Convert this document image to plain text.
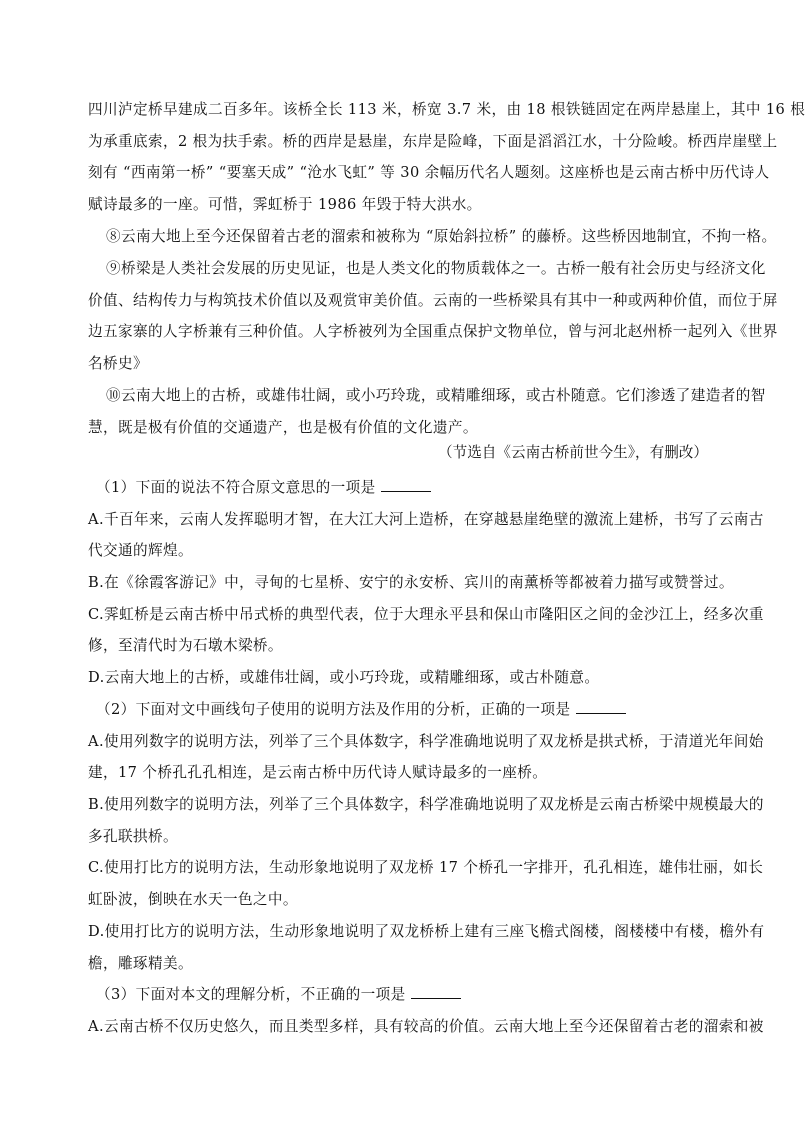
四川泸定桥早建成二百多年。该桥全长 113 米，桥宽 3.7 米，由 18 根铁链固定在两岸悬崖上，其中 16 根
为承重底索，2 根为扶手索。桥的西岸是悬崖，东岸是险峰，下面是滔滔江水，十分险峻。桥西岸崖壁上
刻有 “西南第一桥” “要塞天成” “沧水飞虹” 等 30 余幅历代名人题刻。这座桥也是云南古桥中历代诗人
赋诗最多的一座。可惜，霁虹桥于 1986 年毁于特大洪水。
⑧云南大地上至今还保留着古老的溜索和被称为 “原始斜拉桥” 的藤桥。这些桥因地制宜，不拘一格。
⑨桥梁是人类社会发展的历史见证，也是人类文化的物质载体之一。古桥一般有社会历史与经济文化
价值、结构传力与构筑技术价值以及观赏审美价值。云南的一些桥梁具有其中一种或两种价值，而位于屏
边五家寨的人字桥兼有三种价值。人字桥被列为全国重点保护文物单位，曾与河北赵州桥一起列入《世界
名桥史》
⑩云南大地上的古桥，或雄伟壮阔，或小巧玲珑，或精雕细琢，或古朴随意。它们渗透了建造者的智
慧，既是极有价值的交通遗产，也是极有价值的文化遗产。
（节选自《云南古桥前世今生》，有删改）
（1）下面的说法不符合原文意思的一项是
A.千百年来，云南人发挥聪明才智，在大江大河上造桥，在穿越悬崖绝壁的激流上建桥，书写了云南古
代交通的辉煌。
B.在《徐霞客游记》中，寻甸的七星桥、安宁的永安桥、宾川的南薰桥等都被着力描写或赞誉过。
C.霁虹桥是云南古桥中吊式桥的典型代表，位于大理永平县和保山市隆阳区之间的金沙江上，经多次重
修，至清代时为石墩木梁桥。
D.云南大地上的古桥，或雄伟壮阔，或小巧玲珑，或精雕细琢，或古朴随意。
（2）下面对文中画线句子使用的说明方法及作用的分析，正确的一项是
A.使用列数字的说明方法，列举了三个具体数字，科学准确地说明了双龙桥是拱式桥，于清道光年间始
建，17 个桥孔孔孔相连，是云南古桥中历代诗人赋诗最多的一座桥。
B.使用列数字的说明方法，列举了三个具体数字，科学准确地说明了双龙桥是云南古桥梁中规模最大的
多孔联拱桥。
C.使用打比方的说明方法，生动形象地说明了双龙桥 17 个桥孔一字排开，孔孔相连，雄伟壮丽，如长
虹卧波，倒映在水天一色之中。
D.使用打比方的说明方法，生动形象地说明了双龙桥桥上建有三座飞檐式阁楼，阁楼楼中有楼，檐外有
檐，雕琢精美。
（3）下面对本文的理解分析，不正确的一项是
A.云南古桥不仅历史悠久，而且类型多样，具有较高的价值。云南大地上至今还保留着古老的溜索和被
